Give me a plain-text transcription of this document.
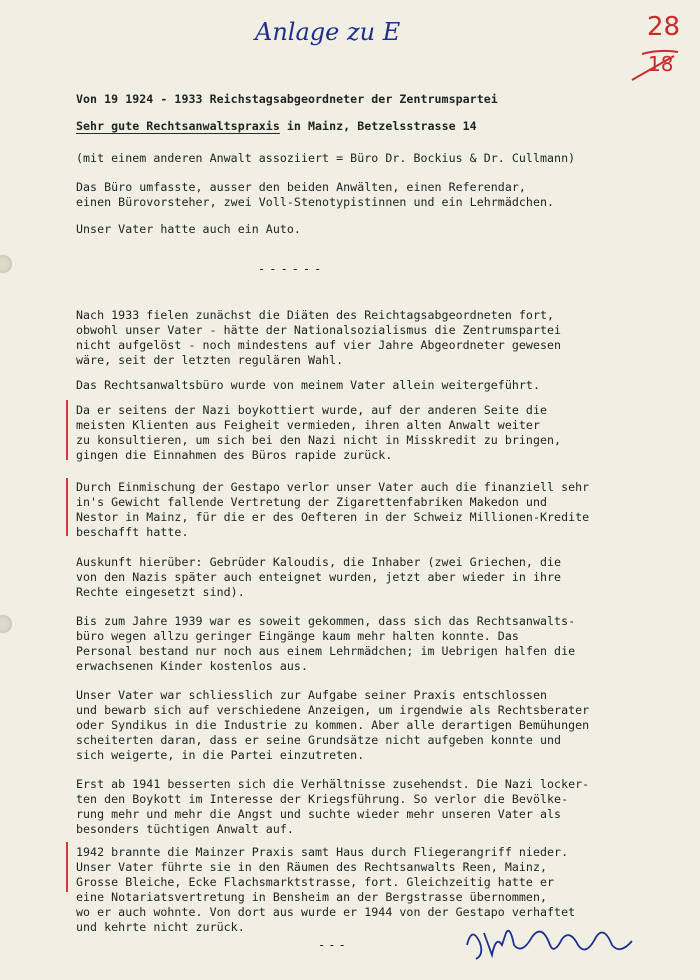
Anlage zu E	28
18
Von 19 1924 - 1933 Reichstagsabgeordneter der Zentrumspartei
Sehr gute Rechtsanwaltspraxis in Mainz, Betzelsstrasse 14
(mit einem anderen Anwalt assoziiert = Büro Dr. Bockius & Dr. Cullmann)
Das Büro umfasste, ausser den beiden Anwälten, einen Referendar,
einen Bürovorsteher, zwei Voll-Stenotypistinnen und ein Lehrmädchen.
Unser Vater hatte auch ein Auto.
------
Nach 1933 fielen zunächst die Diäten des Reichtagsabgeordneten fort,
obwohl unser Vater - hätte der Nationalsozialismus die Zentrumspartei
nicht aufgelöst - noch mindestens auf vier Jahre Abgeordneter gewesen
wäre, seit der letzten regulären Wahl.
Das Rechtsanwaltsbüro wurde von meinem Vater allein weitergeführt.
Da er seitens der Nazi boykottiert wurde, auf der anderen Seite die
meisten Klienten aus Feigheit vermieden, ihren alten Anwalt weiter
zu konsultieren, um sich bei den Nazi nicht in Misskredit zu bringen,
gingen die Einnahmen des Büros rapide zurück.
Durch Einmischung der Gestapo verlor unser Vater auch die finanziell sehr
in's Gewicht fallende Vertretung der Zigarettenfabriken Makedon und
Nestor in Mainz, für die er des Oefteren in der Schweiz Millionen-Kredite
beschafft hatte.
Auskunft hierüber: Gebrüder Kaloudis, die Inhaber (zwei Griechen, die
von den Nazis später auch enteignet wurden, jetzt aber wieder in ihre
Rechte eingesetzt sind).
Bis zum Jahre 1939 war es soweit gekommen, dass sich das Rechtsanwalts-
büro wegen allzu geringer Eingänge kaum mehr halten konnte. Das
Personal bestand nur noch aus einem Lehrmädchen; im Uebrigen halfen die
erwachsenen Kinder kostenlos aus.
Unser Vater war schliesslich zur Aufgabe seiner Praxis entschlossen
und bewarb sich auf verschiedene Anzeigen, um irgendwie als Rechtsberater
oder Syndikus in die Industrie zu kommen. Aber alle derartigen Bemühungen
scheiterten daran, dass er seine Grundsätze nicht aufgeben konnte und
sich weigerte, in die Partei einzutreten.
Erst ab 1941 besserten sich die Verhältnisse zusehendst. Die Nazi locker-
ten den Boykott im Interesse der Kriegsführung. So verlor die Bevölke-
rung mehr und mehr die Angst und suchte wieder mehr unseren Vater als
besonders tüchtigen Anwalt auf.
1942 brannte die Mainzer Praxis samt Haus durch Fliegerangriff nieder.
Unser Vater führte sie in den Räumen des Rechtsanwalts Reen, Mainz,
Grosse Bleiche, Ecke Flachsmarktstrasse, fort. Gleichzeitig hatte er
eine Notariatsvertretung in Bensheim an der Bergstrasse übernommen,
wo er auch wohnte. Von dort aus wurde er 1944 von der Gestapo verhaftet
und kehrte nicht zurück.
---
